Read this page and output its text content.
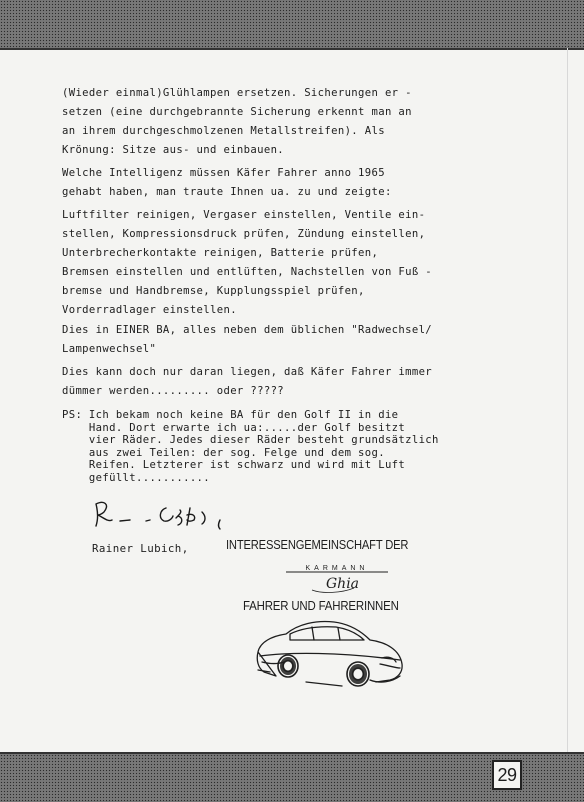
(Wieder einmal)Glühlampen ersetzen. Sicherungen er -
setzen (eine durchgebrannte Sicherung erkennt man an
an ihrem durchgeschmolzenen Metallstreifen). Als
Krönung: Sitze aus- und einbauen.
Welche Intelligenz müssen Käfer Fahrer anno 1965
gehabt haben, man traute Ihnen ua. zu und zeigte:
Luftfilter reinigen, Vergaser einstellen, Ventile ein-
stellen, Kompressionsdruck prüfen, Zündung einstellen,
Unterbrecherkontakte reinigen, Batterie prüfen,
Bremsen einstellen und entlüften, Nachstellen von Fuß -
bremse und Handbremse, Kupplungsspiel prüfen,
Vorderradlager einstellen.
Dies in EINER BA, alles neben dem üblichen "Radwechsel/
Lampenwechsel"
Dies kann doch nur daran liegen, daß Käfer Fahrer immer
dümmer werden......... oder ?????
PS: Ich bekam noch keine BA für den Golf II in die
Hand. Dort erwarte ich ua:.....der Golf besitzt
vier Räder. Jedes dieser Räder besteht grundsätzlich
aus zwei Teilen: der sog. Felge und dem sog.
Reifen. Letzterer ist schwarz und wird mit Luft
gefüllt...........
Rainer Lubich,	INTERESSENGEMEINSCHAFT DER
KARMANN
Ghia
FAHRER UND FAHRERINNEN
29
